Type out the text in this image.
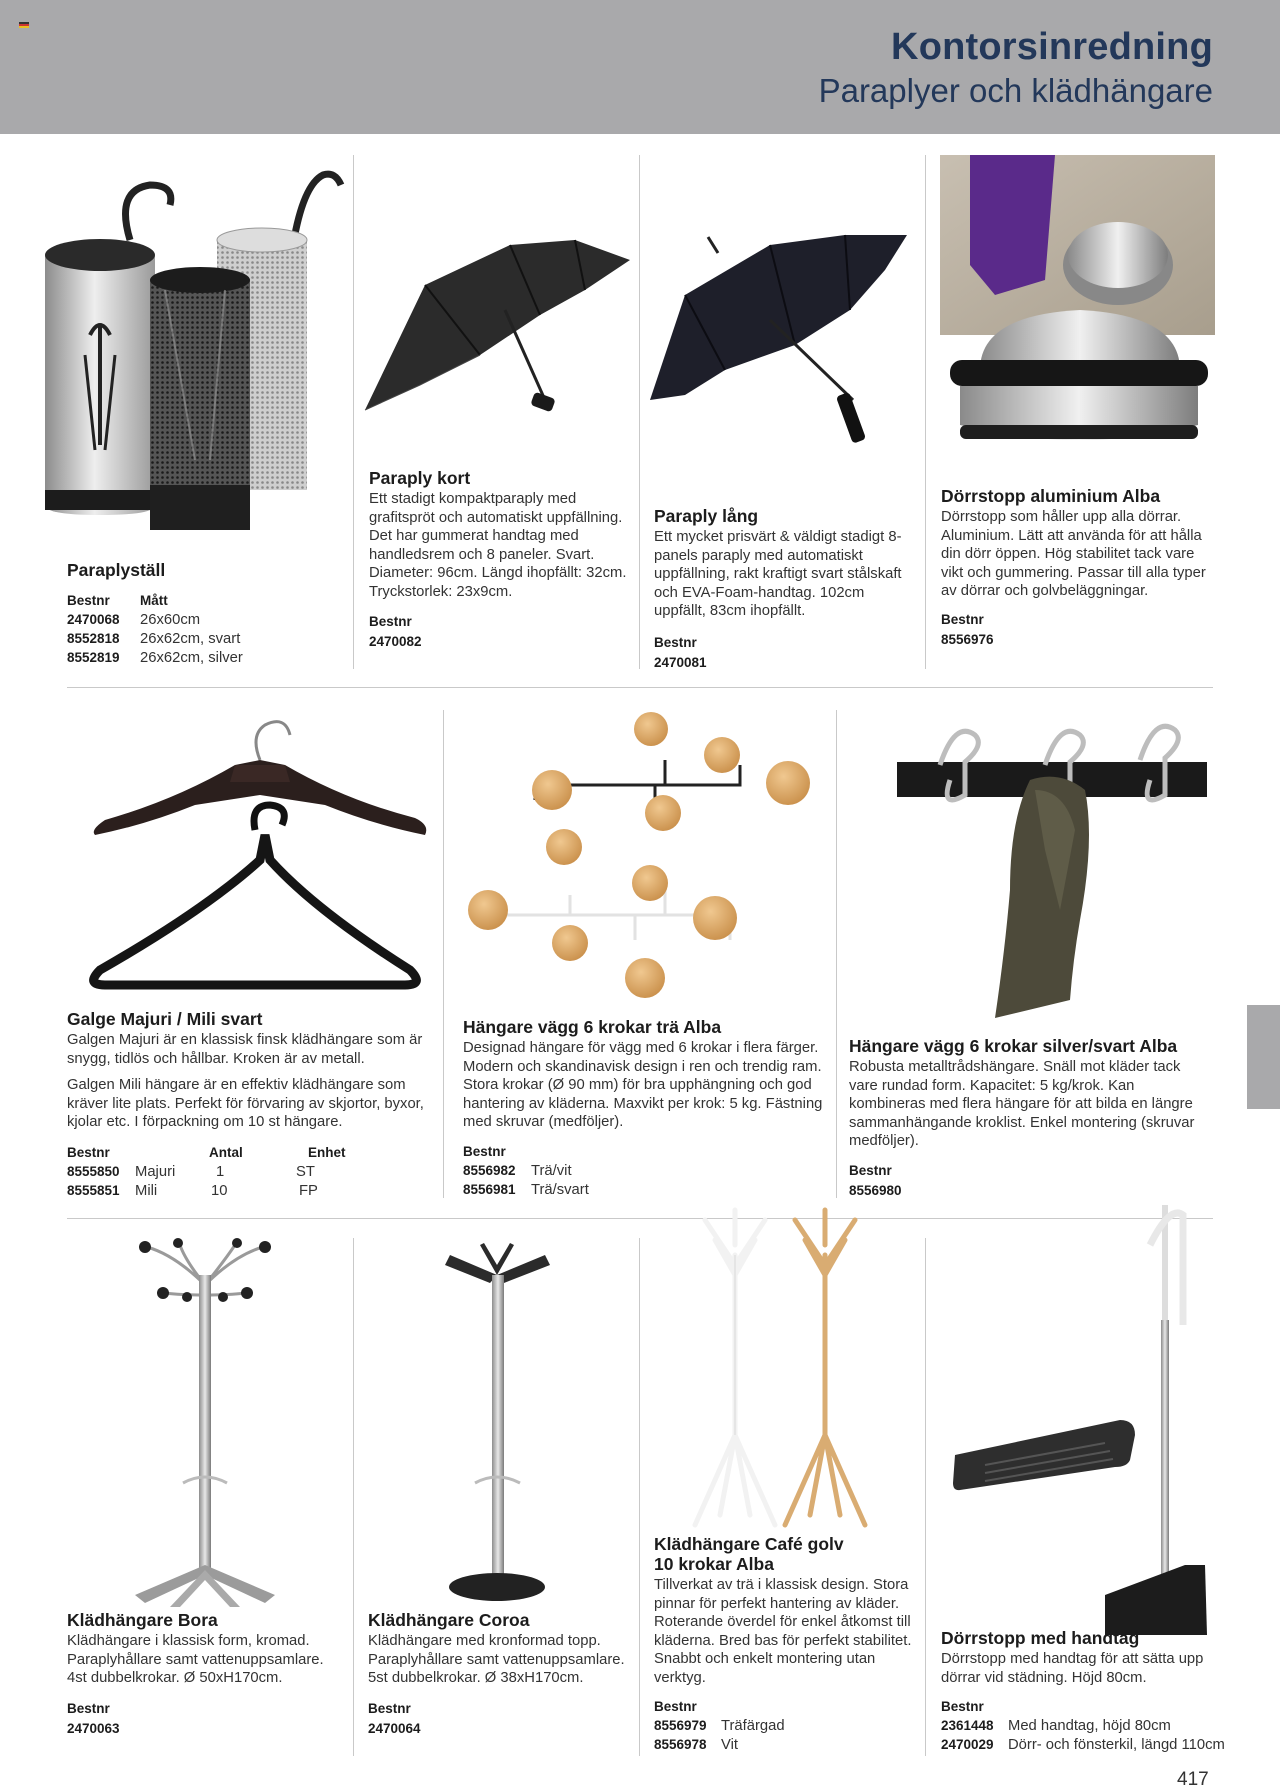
Kontorsinredning
Paraplyer och klädhängare
Paraplyställ
Bestnr Mått
2470068 26x60cm
8552818 26x62cm, svart
8552819 26x62cm, silver
Paraply kort
Ett stadigt kompaktparaply med grafitspröt och automatiskt uppfällning. Det har gummerat handtag med handledsrem och 8 paneler. Svart. Diameter: 96cm. Längd ihopfällt: 32cm. Tryckstorlek: 23x9cm.
Bestnr
2470082
Paraply lång
Ett mycket prisvärt & väldigt stadigt 8-panels paraply med automatiskt uppfällning, rakt kraftigt svart stålskaft och EVA-Foam-handtag. 102cm uppfällt, 83cm ihopfällt.
Bestnr
2470081
Dörrstopp aluminium Alba
Dörrstopp som håller upp alla dörrar. Aluminium. Lätt att använda för att hålla din dörr öppen. Hög stabilitet tack vare vikt och gummering. Passar till alla typer av dörrar och golvbeläggningar.
Bestnr
8556976
Galge Majuri / Mili svart
Galgen Majuri är en klassisk finsk klädhängare som är snygg, tidlös och hållbar. Kroken är av metall.
Galgen Mili hängare är en effektiv klädhängare som kräver lite plats. Perfekt för förvaring av skjortor, byxor, kjolar etc. I förpackning om 10 st hängare.
Bestnr	Antal	Enhet
8555850 Majuri	1	ST
8555851 Mili	10	FP
Hängare vägg 6 krokar trä Alba
Designad hängare för vägg med 6 krokar i flera färger. Modern och skandinavisk design i ren och trendig ram. Stora krokar (Ø 90 mm) för bra upphängning och god hantering av kläderna. Maxvikt per krok: 5 kg. Fästning med skruvar (medföljer).
Bestnr
8556982 Trä/vit
8556981 Trä/svart
Hängare vägg 6 krokar silver/svart Alba
Robusta metalltrådshängare. Snäll mot kläder tack vare rundad form. Kapacitet: 5 kg/krok. Kan kombineras med flera hängare för att bilda en längre sammanhängande kroklist. Enkel montering (skruvar medföljer).
Bestnr
8556980
Klädhängare Bora
Klädhängare i klassisk form, kromad. Paraplyhållare samt vattenuppsamlare. 4st dubbelkrokar. Ø 50xH170cm.
Bestnr
2470063
Klädhängare Coroa
Klädhängare med kronformad topp. Paraplyhållare samt vattenuppsamlare. 5st dubbelkrokar. Ø 38xH170cm.
Bestnr
2470064
Klädhängare Café golv 10 krokar Alba
Tillverkat av trä i klassisk design. Stora pinnar för perfekt hantering av kläder. Roterande överdel för enkel åtkomst till kläderna. Bred bas för perfekt stabilitet. Snabbt och enkelt montering utan verktyg.
Bestnr
8556979 Träfärgad
8556978 Vit
Dörrstopp med handtag
Dörrstopp med handtag för att sätta upp dörrar vid städning. Höjd 80cm.
Bestnr
2361448 Med handtag, höjd 80cm
2470029 Dörr- och fönsterkil, längd 110cm
417
